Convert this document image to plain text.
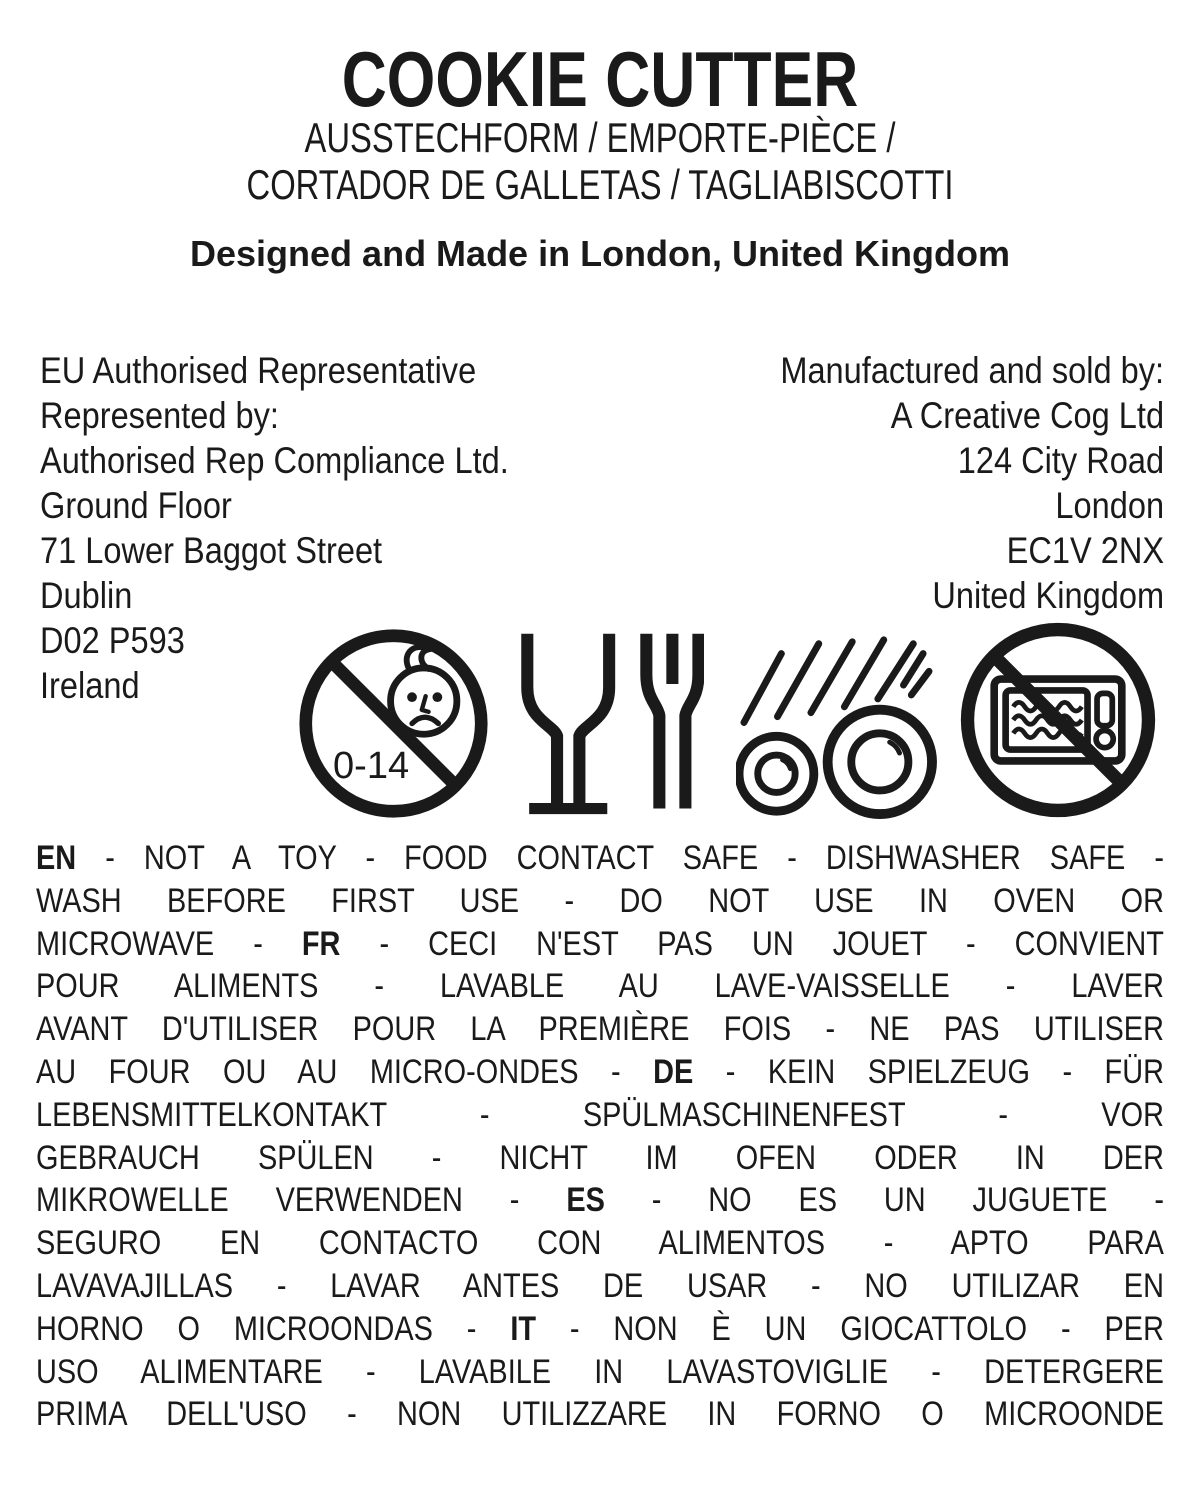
COOKIE CUTTER
AUSSTECHFORM / EMPORTE-PIÈCE /
CORTADOR DE GALLETAS / TAGLIABISCOTTI
Designed and Made in London, United Kingdom
EU Authorised Representative
Represented by:
Authorised Rep Compliance Ltd.
Ground Floor
71 Lower Baggot Street
Dublin
D02 P593
Ireland
Manufactured and sold by:
A Creative Cog Ltd
124 City Road
London
EC1V 2NX
United Kingdom
0-14
EN - NOT A TOY - FOOD CONTACT SAFE - DISHWASHER SAFE -
WASH BEFORE FIRST USE - DO NOT USE IN OVEN OR
MICROWAVE - FR - CECI N'EST PAS UN JOUET - CONVIENT
POUR ALIMENTS - LAVABLE AU LAVE-VAISSELLE - LAVER
AVANT D'UTILISER POUR LA PREMIÈRE FOIS - NE PAS UTILISER
AU FOUR OU AU MICRO-ONDES - DE - KEIN SPIELZEUG - FÜR
LEBENSMITTELKONTAKT - SPÜLMASCHINENFEST - VOR
GEBRAUCH SPÜLEN - NICHT IM OFEN ODER IN DER
MIKROWELLE VERWENDEN - ES - NO ES UN JUGUETE -
SEGURO EN CONTACTO CON ALIMENTOS - APTO PARA
LAVAVAJILLAS - LAVAR ANTES DE USAR - NO UTILIZAR EN
HORNO O MICROONDAS - IT - NON È UN GIOCATTOLO - PER
USO ALIMENTARE - LAVABILE IN LAVASTOVIGLIE - DETERGERE
PRIMA DELL'USO - NON UTILIZZARE IN FORNO O MICROONDE
